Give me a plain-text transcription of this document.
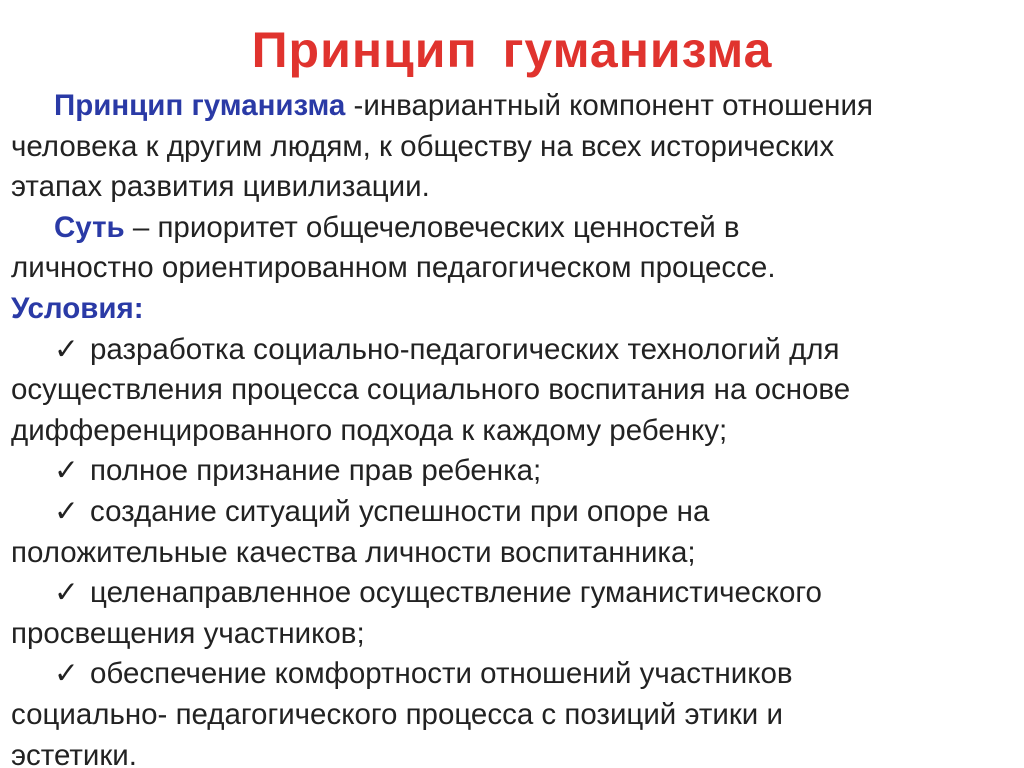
Принцип гуманизма

Принцип гуманизма -инвариантный компонент отношения

человека к другим людям, к обществу на всех исторических

этапах развития цивилизации.

Суть – приоритет общечеловеческих ценностей в

личностно ориентированном педагогическом процессе.

Условия:

✓ разработка социально-педагогических технологий для

осуществления процесса социального воспитания на основе

дифференцированного подхода к каждому ребенку;

✓ полное признание прав ребенка;

✓ создание ситуаций успешности при опоре на

положительные качества личности воспитанника;

✓ целенаправленное осуществление гуманистического

просвещения участников;

✓ обеспечение комфортности отношений участников

социально- педагогического процесса с позиций этики и

эстетики.
